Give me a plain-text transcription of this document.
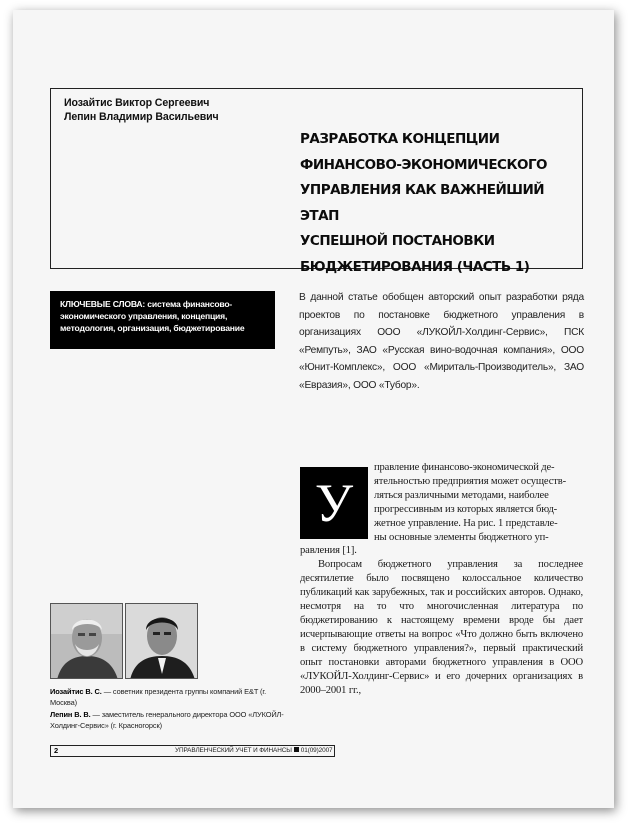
Иозайтис Виктор Сергеевич
Лепин Владимир Васильевич
РАЗРАБОТКА КОНЦЕПЦИИ
ФИНАНСОВО-ЭКОНОМИЧЕСКОГО
УПРАВЛЕНИЯ КАК ВАЖНЕЙШИЙ ЭТАП
УСПЕШНОЙ ПОСТАНОВКИ
БЮДЖЕТИРОВАНИЯ (ЧАСТЬ 1)
КЛЮЧЕВЫЕ СЛОВА: система финансово-экономического управления, концепция, методология, организация, бюджетирование
В данной статье обобщен авторский опыт разработки ряда проектов по постановке бюджетного управления в организациях ООО «ЛУКОЙЛ-Холдинг-Сервис», ПСК «Ремпуть», ЗАО «Русская вино-водочная компания», ООО «Юнит-Комплекс», ООО «Мириталь-Производитель», ЗАО «Евразия», ООО «Тубор».
правление финансово-экономической де-
ятельностью предприятия может осуществ-
ляться различными методами, наиболее
прогрессивным из которых является бюд-
жетное управление. На рис. 1 представле-
ны основные элементы бюджетного уп-
равления [1].

Вопросам бюджетного управления за последнее десятилетие было посвящено колоссальное количество публикаций как зарубежных, так и российских авторов. Однако, несмотря на то что многочисленная литература по бюджетированию к настоящему времени вроде бы дает исчерпывающие ответы на вопрос «Что должно быть включено в систему бюджетного управления?», первый практический опыт постановки авторами бюджетного управления в ООО «ЛУКОЙЛ-Холдинг-Сервис» и его дочерних организациях в 2000–2001 гг.,

У
Иозайтис В. С. — советник президента группы компаний E&T (г. Москва)
Лепин В. В. — заместитель генерального директора ООО «ЛУКОЙЛ-Холдинг-Сервис» (г. Красногорск)
2	УПРАВЛЕНЧЕСКИЙ УЧЕТ И ФИНАНСЫ 01(09)2007
